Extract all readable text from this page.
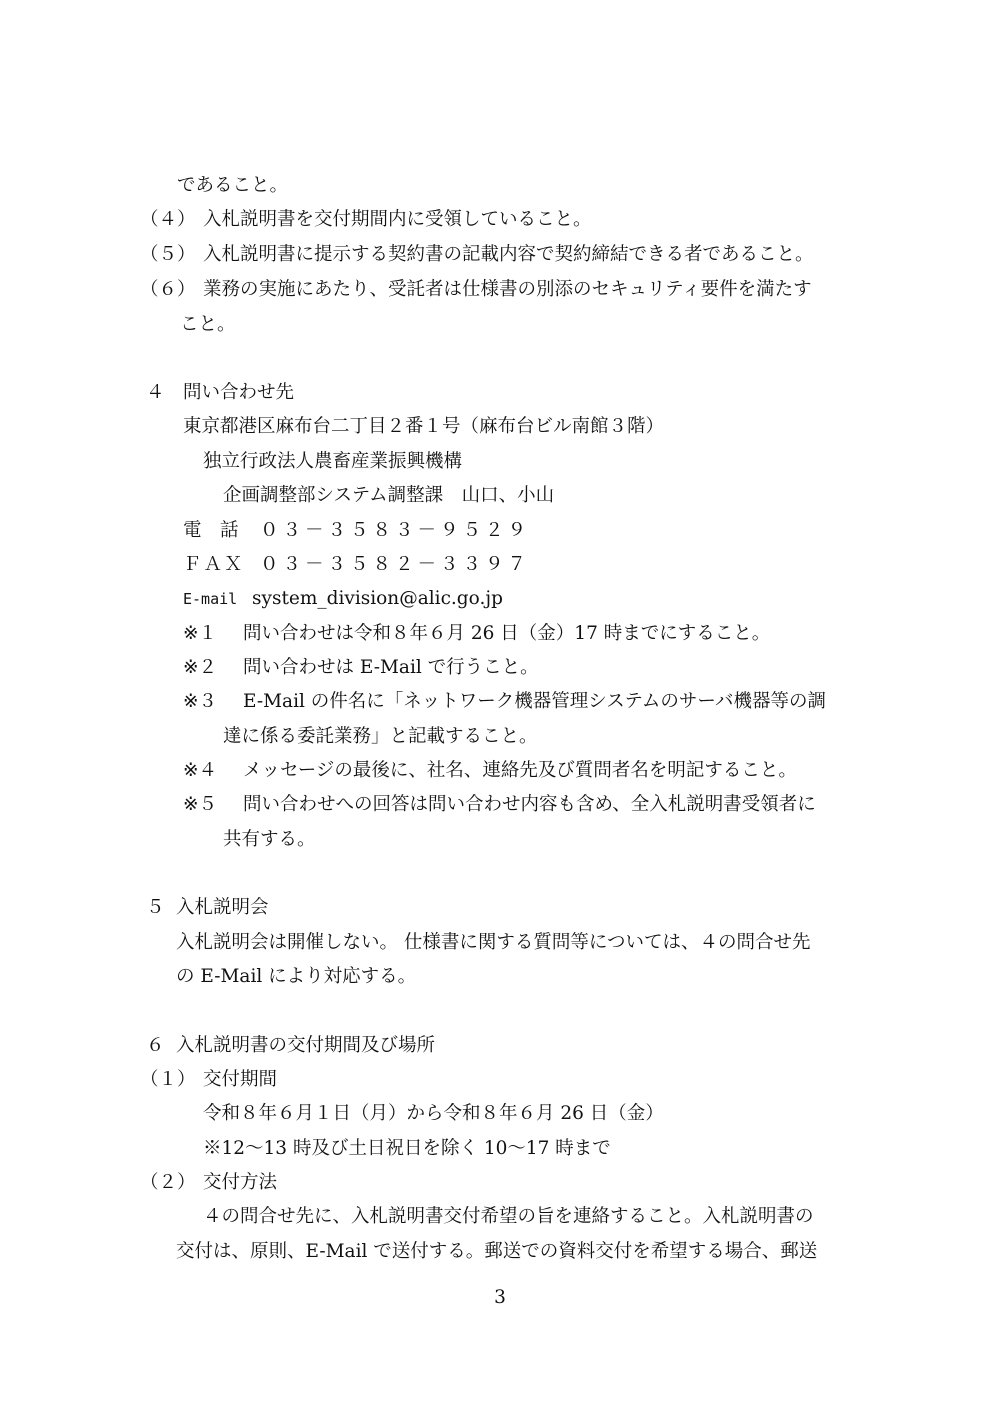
であること。
（４） 入札説明書を交付期間内に受領していること。
（５） 入札説明書に提示する契約書の記載内容で契約締結できる者であること。
（６） 業務の実施にあたり、受託者は仕様書の別添のセキュリティ要件を満たす
こと。
４ 問い合わせ先
東京都港区麻布台二丁目２番１号（麻布台ビル南館３階）
独立行政法人農畜産業振興機構
企画調整部システム調整課　山口、小山
電　話 ０３－３５８３－９５２９
ＦＡＸ ０３－３５８２－３３９７
E-mail system_division@alic.go.jp
※１ 問い合わせは令和８年６月 26 日（金）17 時までにすること。
※２ 問い合わせは E-Mail で行うこと。
※３ E-Mail の件名に「ネットワーク機器管理システムのサーバ機器等の調
達に係る委託業務」と記載すること。
※４ メッセージの最後に、社名、連絡先及び質問者名を明記すること。
※５ 問い合わせへの回答は問い合わせ内容も含め、全入札説明書受領者に
共有する。
５ 入札説明会
入札説明会は開催しない。 仕様書に関する質問等については、４の問合せ先
の E-Mail により対応する。
６ 入札説明書の交付期間及び場所
（１） 交付期間
令和８年６月１日（月）から令和８年６月 26 日（金）
※12～13 時及び土日祝日を除く 10～17 時まで
（２） 交付方法
４の問合せ先に、入札説明書交付希望の旨を連絡すること。入札説明書の
交付は、原則、E-Mail で送付する。郵送での資料交付を希望する場合、郵送
3
